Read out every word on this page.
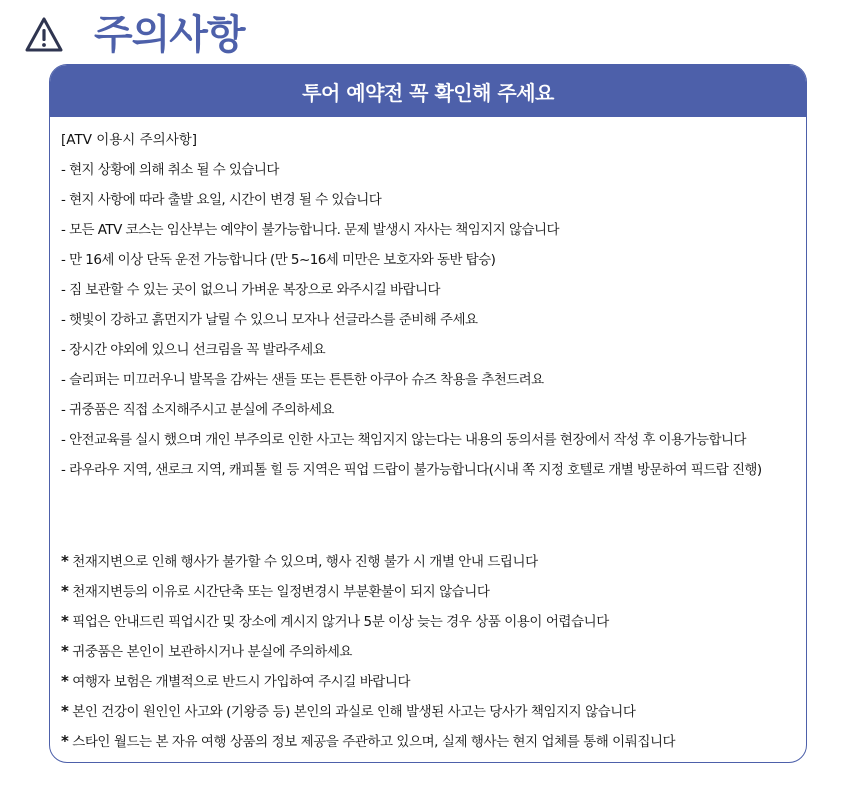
주의사항
투어 예약전 꼭 확인해 주세요
[ATV 이용시 주의사항]
- 현지 상황에 의해 취소 될 수 있습니다
- 현지 사항에 따라 출발 요일, 시간이 변경 될 수 있습니다
- 모든 ATV 코스는 임산부는 예약이 불가능합니다. 문제 발생시 자사는 책임지지 않습니다
- 만 16세 이상 단독 운전 가능합니다 (만 5~16세 미만은 보호자와 동반 탑승)
- 짐 보관할 수 있는 곳이 없으니 가벼운 복장으로 와주시길 바랍니다
- 햇빛이 강하고 흙먼지가 날릴 수 있으니 모자나 선글라스를 준비해 주세요
- 장시간 야외에 있으니 선크림을 꼭 발라주세요
- 슬리퍼는 미끄러우니 발목을 감싸는 샌들 또는 튼튼한 아쿠아 슈즈 착용을 추천드려요
- 귀중품은 직접 소지해주시고 분실에 주의하세요
- 안전교육를 실시 했으며 개인 부주의로 인한 사고는 책임지지 않는다는 내용의 동의서를 현장에서 작성 후 이용가능합니다
- 라우라우 지역, 샌로크 지역, 캐피톨 힐 등 지역은 픽업 드랍이 불가능합니다(시내 쪽 지정 호텔로 개별 방문하여 픽드랍 진행)
* 천재지변으로 인해 행사가 불가할 수 있으며, 행사 진행 불가 시 개별 안내 드립니다
* 천재지변등의 이유로 시간단축 또는 일정변경시 부분환불이 되지 않습니다
* 픽업은 안내드린 픽업시간 및 장소에 계시지 않거나 5분 이상 늦는 경우 상품 이용이 어렵습니다
* 귀중품은 본인이 보관하시거나 분실에 주의하세요
* 여행자 보험은 개별적으로 반드시 가입하여 주시길 바랍니다
* 본인 건강이 원인인 사고와 (기왕증 등) 본인의 과실로 인해 발생된 사고는 당사가 책임지지 않습니다
* 스타인 월드는 본 자유 여행 상품의 정보 제공을 주관하고 있으며, 실제 행사는 현지 업체를 통해 이뤄집니다
